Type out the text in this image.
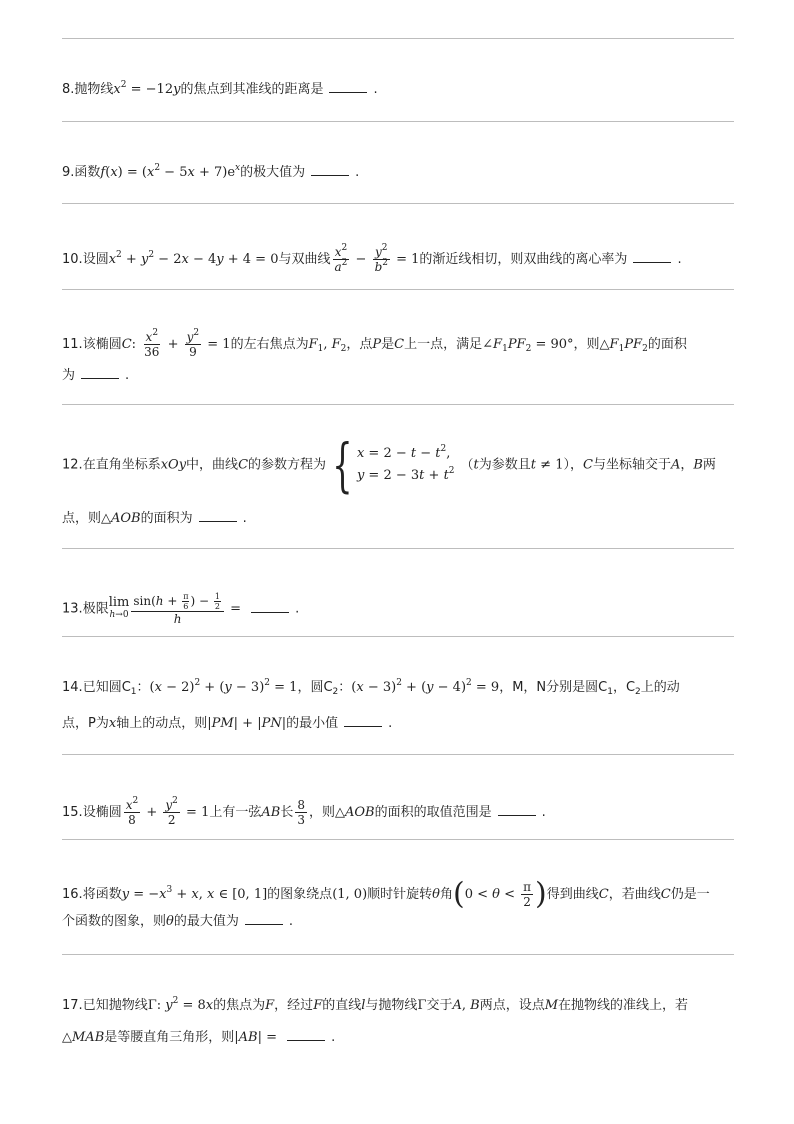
8.抛物线$x^2 = -12y$的焦点到其准线的距离是	.
9.函数$f(x) = (x^2 - 5x + 7)e^x$的极大值为	.
10.设圆$x^2 + y^2 - 2x - 4y + 4 = 0$与双曲线 $\frac{x^2}{a^2} - \frac{y^2}{b^2} = 1$的渐近线相切，则双曲线的离心率为	.
11.该椭圆C: $\frac{x^2}{36} + \frac{y^2}{9} = 1$的左右焦点为$F_1$, $F_2$，点P是C上一点，满足$\angle F_1PF_2 = 90^\circ$，则$\triangle F_1PF_2$的面积
为	.
12.在直角坐标系xOy中，曲线C的参数方程为 { $x = 2 - t - t^2$,
$y = 2 - 3t + t^2$ （t为参数且t ≠ 1），C与坐标轴交于A，B两
点，则△AOB的面积为	.
13.极限 lim
$h\to 0 \frac{\sin(h + \frac{\pi}{6} ) - \frac{1}{2}}{h}$ =	.
14.已知圆$C_1$：$(x - 2)^2 + (y - 3)^2 = 1$，圆$C_2$：$(x - 3)^2 + (y - 4)^2 = 9$，M，N分别是圆$C_1$，$C_2$上的动
点，P为x轴上的动点，则|PM| + |PN|的最小值	.
15.设椭圆 $\frac{x^2}{8} + \frac{y^2}{2} = 1$上有一弦AB长 $\frac{8}{3}$ ，则△AOB的面积的取值范围是	.
16.将函数$y = -x^3 + x$, x ∈ [0, 1]的图象绕点(1, 0)顺时针旋转θ角($0 < \theta < \frac{\pi}{2}$ )得到曲线C，若曲线C仍是一
个函数的图象，则θ的最大值为	.
17.已知抛物线Γ: $y^2 = 8x$的焦点为F，经过F的直线l与抛物线Γ交于A, B两点，设点M在抛物线的准线上，若
△MAB是等腰直角三角形，则|AB| =	.
